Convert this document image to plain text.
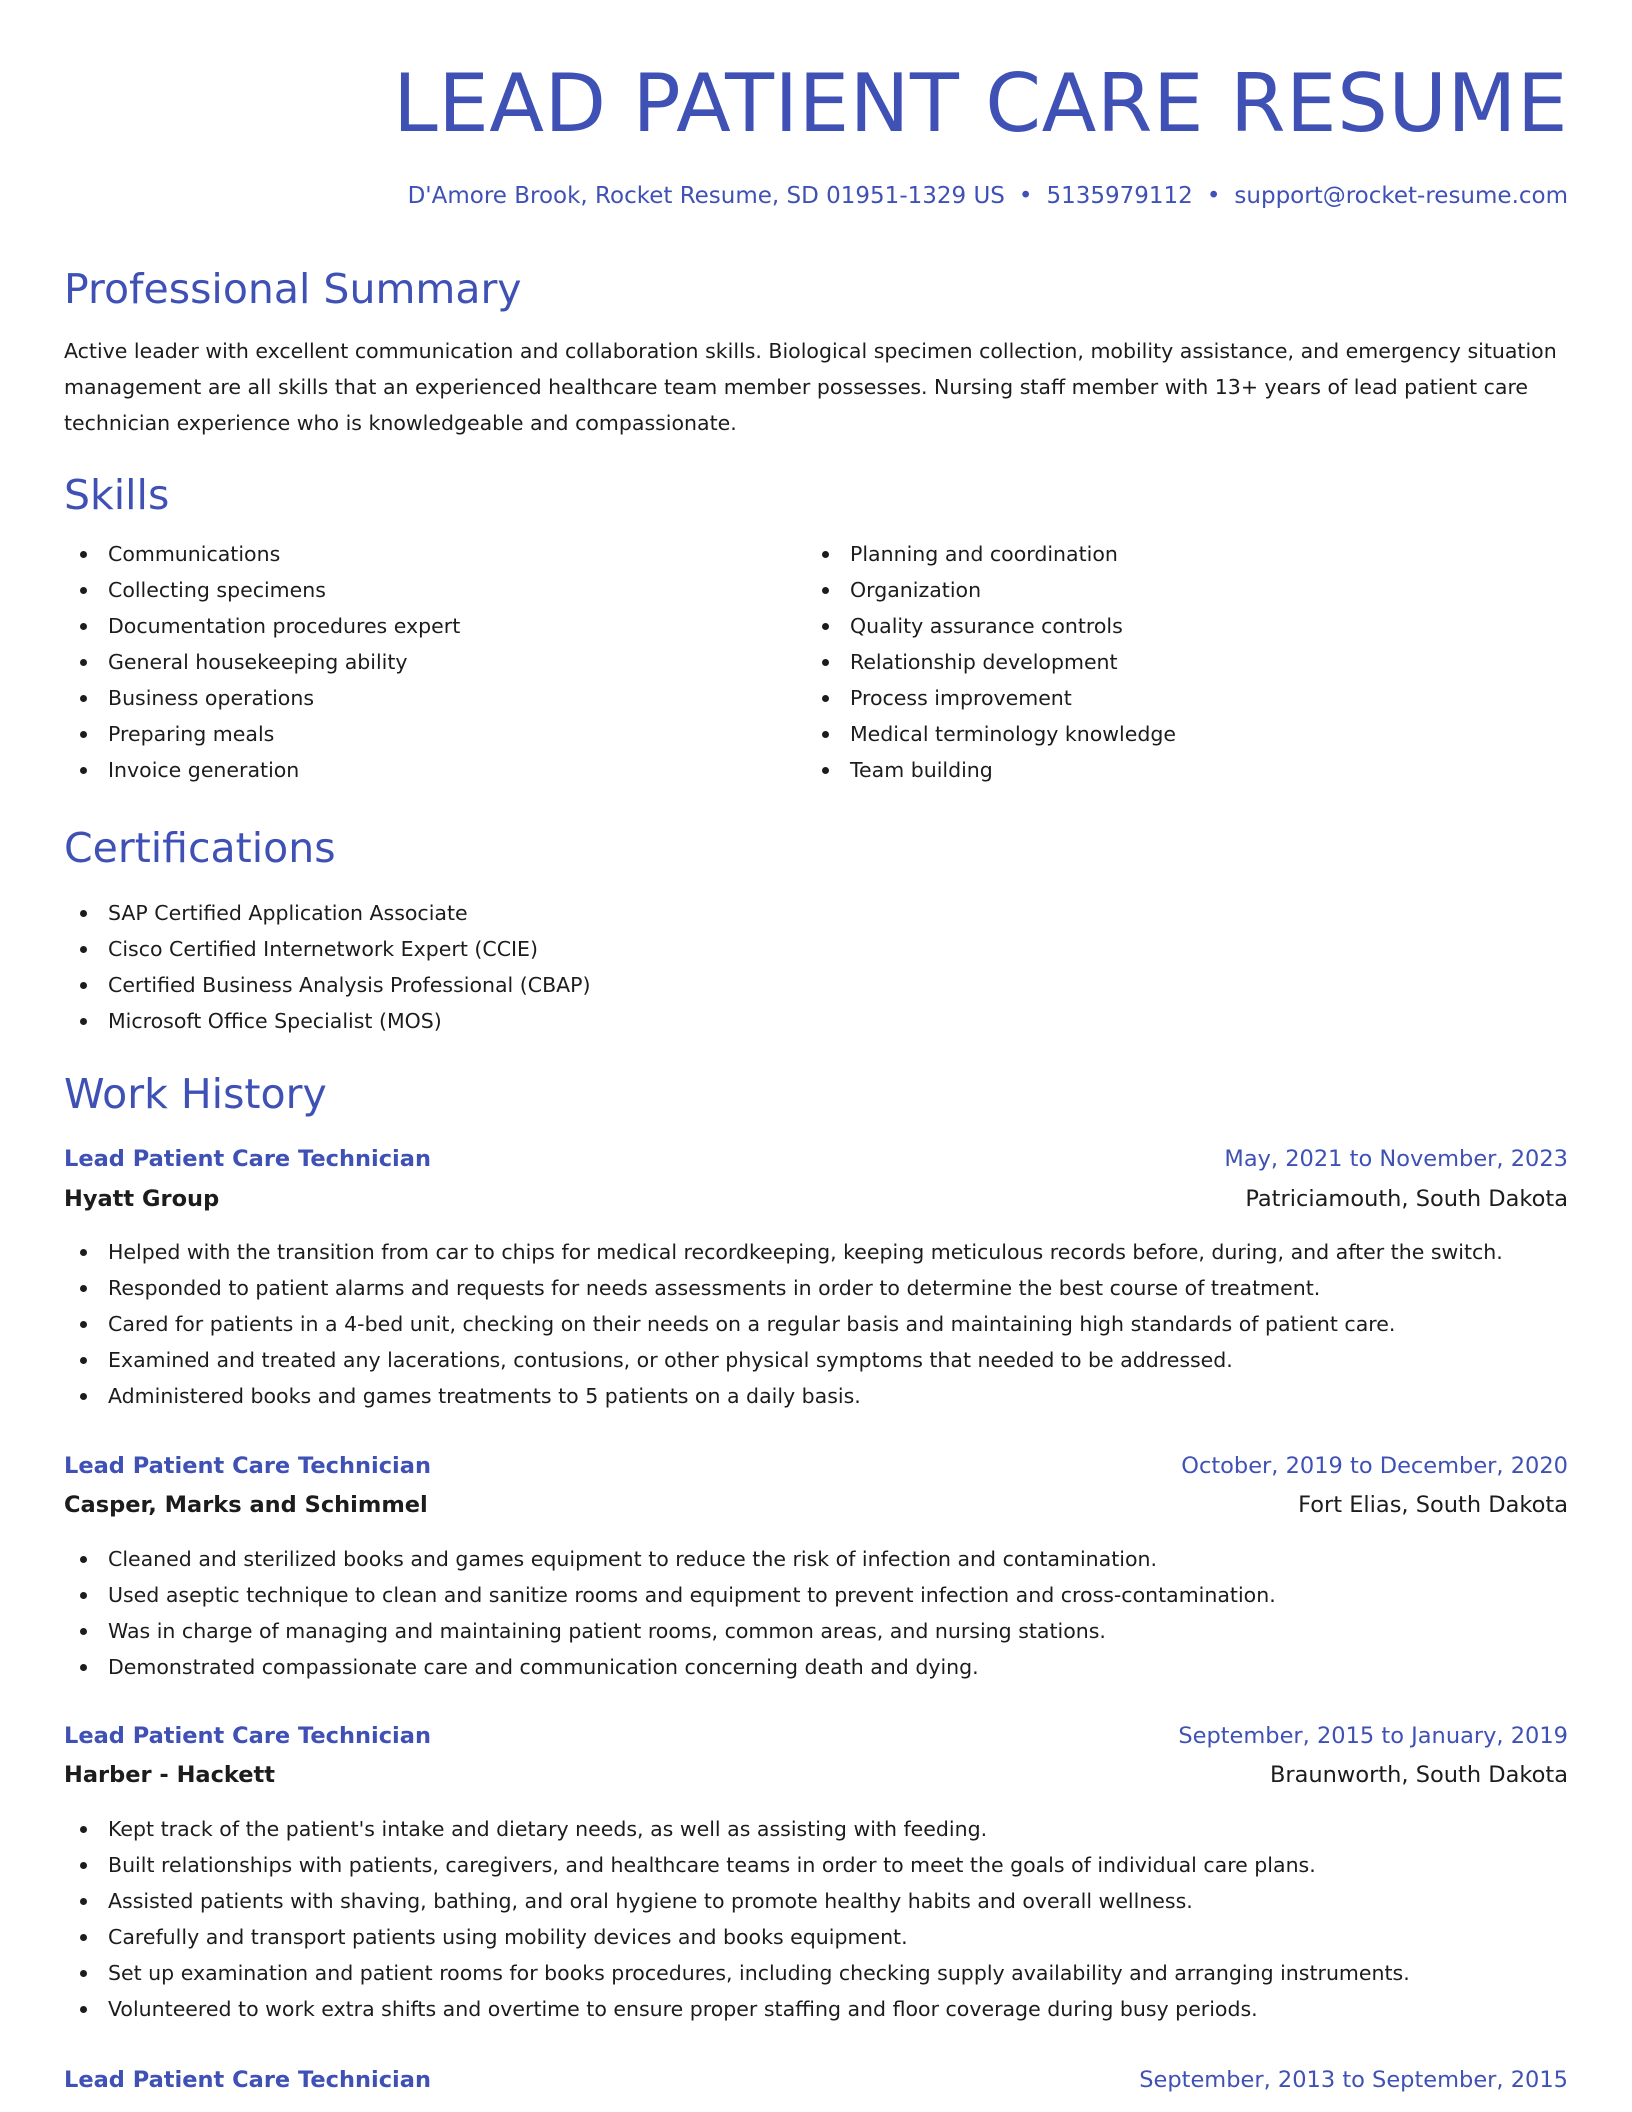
LEAD PATIENT CARE RESUME
D'Amore Brook, Rocket Resume, SD 01951-1329 US • 5135979112 • support@rocket-resume.com
Professional Summary

Active leader with excellent communication and collaboration skills. Biological specimen collection, mobility assistance, and emergency situation management are all skills that an experienced healthcare team member possesses. Nursing staff member with 13+ years of lead patient care technician experience who is knowledgeable and compassionate.

Skills
Communications
Collecting specimens
Documentation procedures expert
General housekeeping ability
Business operations
Preparing meals
Invoice generation
Planning and coordination
Organization
Quality assurance controls
Relationship development
Process improvement
Medical terminology knowledge
Team building
Certifications
SAP Certified Application Associate
Cisco Certified Internetwork Expert (CCIE)
Certified Business Analysis Professional (CBAP)
Microsoft Office Specialist (MOS)
Work History
Lead Patient Care Technician	May, 2021 to November, 2023
Hyatt Group	Patriciamouth, South Dakota
Helped with the transition from car to chips for medical recordkeeping, keeping meticulous records before, during, and after the switch.
Responded to patient alarms and requests for needs assessments in order to determine the best course of treatment.
Cared for patients in a 4-bed unit, checking on their needs on a regular basis and maintaining high standards of patient care.
Examined and treated any lacerations, contusions, or other physical symptoms that needed to be addressed.
Administered books and games treatments to 5 patients on a daily basis.
Lead Patient Care Technician	October, 2019 to December, 2020
Casper, Marks and Schimmel	Fort Elias, South Dakota
Cleaned and sterilized books and games equipment to reduce the risk of infection and contamination.
Used aseptic technique to clean and sanitize rooms and equipment to prevent infection and cross-contamination.
Was in charge of managing and maintaining patient rooms, common areas, and nursing stations.
Demonstrated compassionate care and communication concerning death and dying.
Lead Patient Care Technician	September, 2015 to January, 2019
Harber - Hackett	Braunworth, South Dakota
Kept track of the patient's intake and dietary needs, as well as assisting with feeding.
Built relationships with patients, caregivers, and healthcare teams in order to meet the goals of individual care plans.
Assisted patients with shaving, bathing, and oral hygiene to promote healthy habits and overall wellness.
Carefully and transport patients using mobility devices and books equipment.
Set up examination and patient rooms for books procedures, including checking supply availability and arranging instruments.
Volunteered to work extra shifts and overtime to ensure proper staffing and floor coverage during busy periods.
Lead Patient Care Technician	September, 2013 to September, 2015
